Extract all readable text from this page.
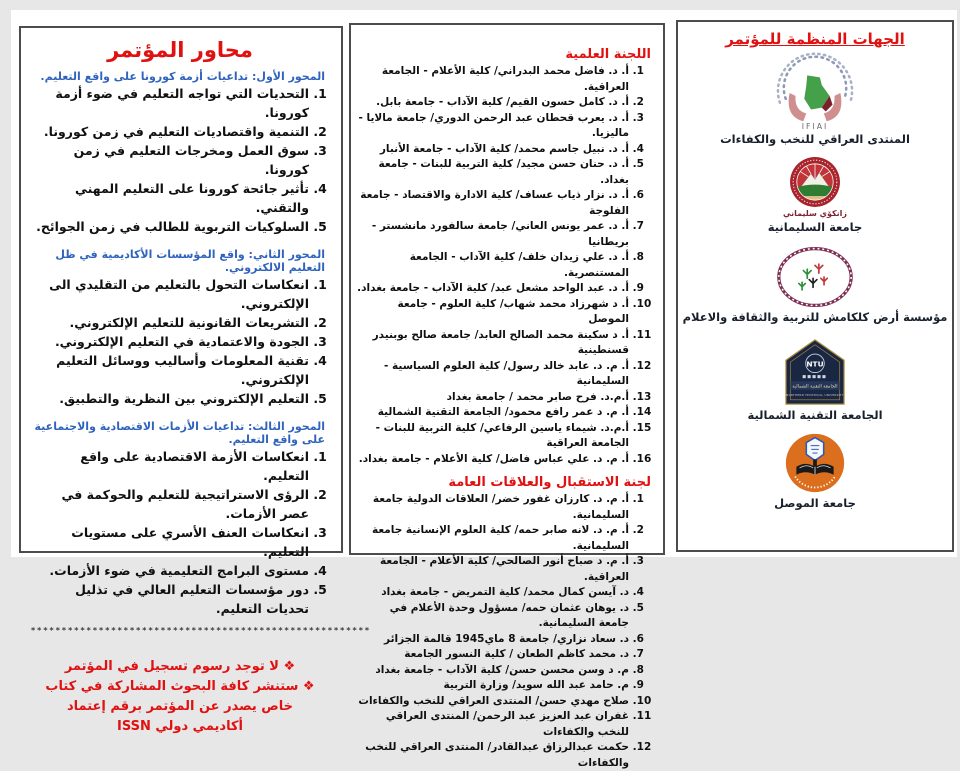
محاور المؤتمر
المحور الأول: تداعيات أزمة كورونا على واقع التعليم.
1. التحديات التي تواجه التعليم في ضوء أزمة كورونا.
2. التنمية واقتصاديات التعليم في زمن كورونا.
3. سوق العمل ومخرجات التعليم في زمن كورونا.
4. تأثير جائحة كورونا على التعليم المهني والتقني.
5. السلوكيات التربوية للطالب في زمن الجوائح.
المحور الثاني: واقع المؤسسات الأكاديمية في ظل التعليم الالكتروني.
1. انعكاسات التحول بالتعليم من التقليدي الى الإلكتروني.
2. التشريعات القانونية للتعليم الإلكتروني.
3. الجودة والاعتمادية في التعليم الإلكتروني.
4. تقنية المعلومات وأساليب ووسائل التعليم الإلكتروني.
5. التعليم الإلكتروني بين النظرية والتطبيق.
المحور الثالث: تداعيات الأزمات الاقتصادية والاجتماعية على واقع التعليم.
1. انعكاسات الأزمة الاقتصادية على واقع التعليم.
2. الرؤى الاستراتيجية للتعليم والحوكمة في عصر الأزمات.
3. انعكاسات العنف الأسري على مستويات التعليم.
4. مستوى البرامج التعليمية في ضوء الأزمات.
5. دور مؤسسات التعليم العالي في تذليل تحديات التعليم.
*******************************************************
❖ لا توجد رسوم تسجيل في المؤتمر
❖ ستنشر كافة البحوث المشاركة في كتاب خاص يصدر عن المؤتمر برقم إعتماد أكاديمي دولي ISSN
اللجنة العلمية
1. أ. د. فاضل محمد البدراني/ كلية الأعلام - الجامعة العراقية.
2. أ. د. كامل حسون القيم/ كلية الآداب - جامعة بابل.
3. أ. د. يعرب قحطان عبد الرحمن الدوري/ جامعة مالايا - ماليزيا.
4. أ. د. نبيل جاسم محمد/ كلية الآداب - جامعة الأنبار
5. أ. د. حنان حسن مجيد/ كلية التربية للبنات - جامعة بغداد.
6. أ. د. نزار ذياب عساف/ كلية الادارة والاقتصاد - جامعة الفلوجة
7. أ. د. عمر يونس العاني/ جامعة سالفورد مانشستر - بريطانيا
8. أ. د. علي زيدان خلف/ كلية الآداب - الجامعة المستنصرية.
9. أ. د. عبد الواحد مشعل عبد/ كلية الآداب - جامعة بغداد.
10. أ. د شهرزاد محمد شهاب/ كلية العلوم - جامعة الموصل
11. أ. د سكينة محمد الصالح العابد/ جامعة صالح بوبنيدر قسنطينية
12. أ. م. د. عابد خالد رسول/ كلية العلوم السياسية - السليمانية
13. أ.م.د. فرح صابر محمد / جامعة بغداد
14. أ. م. د عمر رافع محمود/ الجامعة التقنية الشمالية
15. أ.م.د. شيماء ياسين الرفاعي/ كلية التربية للبنات - الجامعة العراقية
16. أ. م. د. علي عباس فاضل/ كلية الأعلام - جامعة بغداد.
لجنة الاستقبال والعلاقات العامة
1. أ. م. د. كارزان غفور خضر/ العلاقات الدولية جامعة السليمانية.
2. أ. م. د. لانه صابر حمه/ كلية العلوم الإنسانية جامعة السليمانية.
3. أ. م. د صباح أنور الصالحي/ كلية الأعلام - الجامعة العراقية.
4. د. آيسن كمال محمد/ كلية التمريض - جامعة بغداد
5. د. يوهان عثمان حمه/ مسؤول وحدة الأعلام في جامعة السليمانية.
6. د. سعاد نزاري/ جامعة 8 ماي1945 قالمة الجزائر
7. د. محمد كاظم الطعان / كلية النسور الجامعة
8. م. د وسن محسن حسن/ كلية الآداب - جامعة بغداد
9. م. حامد عبد الله سويد/ وزارة التربية
10. صلاح مهدي حسن/ المنتدى العراقي للنخب والكفاءات
11. غفران عبد العزيز عبد الرحمن/ المنتدى العراقي للنخب والكفاءات
12. حكمت عبدالرزاق عبدالقادر/ المنتدى العراقي للنخب والكفاءات
الجهات المنظمة للمؤتمر
IFIAI
المنتدى العراقي للنخب والكفاءات
زانكۆي سليماني
جامعة السليمانية
مؤسسة أرض كلكامش للتربية والثقافة والاعلام
NTU
الجامعة التقنية الشمالية
NORTHERN TECHNICAL UNIVERSITY
الجامعة التقنية الشمالية
جامعة الموصل
